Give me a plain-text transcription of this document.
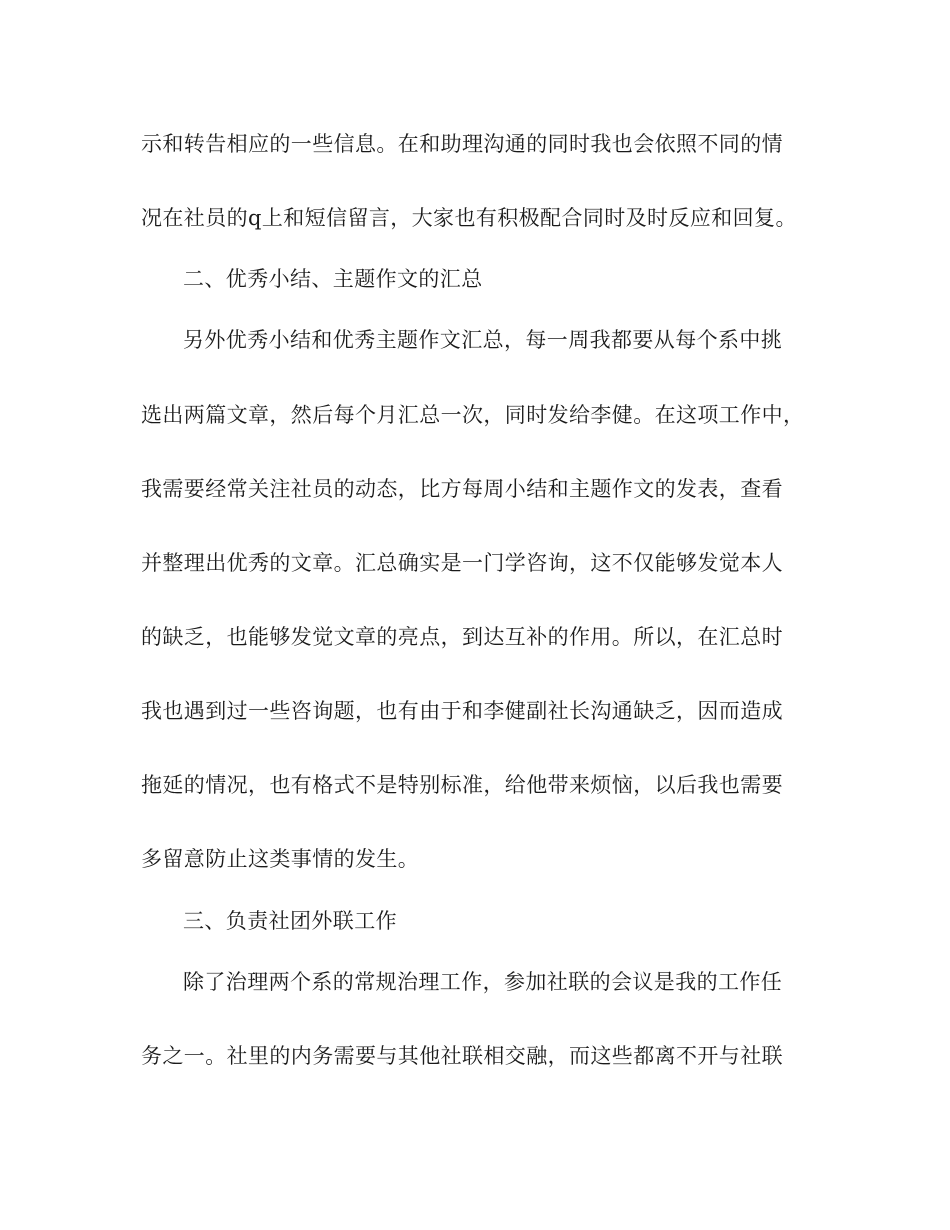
示和转告相应的一些信息。在和助理沟通的同时我也会依照不同的情
况在社员的q上和短信留言，大家也有积极配合同时及时反应和回复。
二、优秀小结、主题作文的汇总
另外优秀小结和优秀主题作文汇总，每一周我都要从每个系中挑
选出两篇文章，然后每个月汇总一次，同时发给李健。在这项工作中，
我需要经常关注社员的动态，比方每周小结和主题作文的发表，查看
并整理出优秀的文章。汇总确实是一门学咨询，这不仅能够发觉本人
的缺乏，也能够发觉文章的亮点，到达互补的作用。所以，在汇总时
我也遇到过一些咨询题，也有由于和李健副社长沟通缺乏，因而造成
拖延的情况，也有格式不是特别标准，给他带来烦恼，以后我也需要
多留意防止这类事情的发生。
三、负责社团外联工作
除了治理两个系的常规治理工作，参加社联的会议是我的工作任
务之一。社里的内务需要与其他社联相交融，而这些都离不开与社联
